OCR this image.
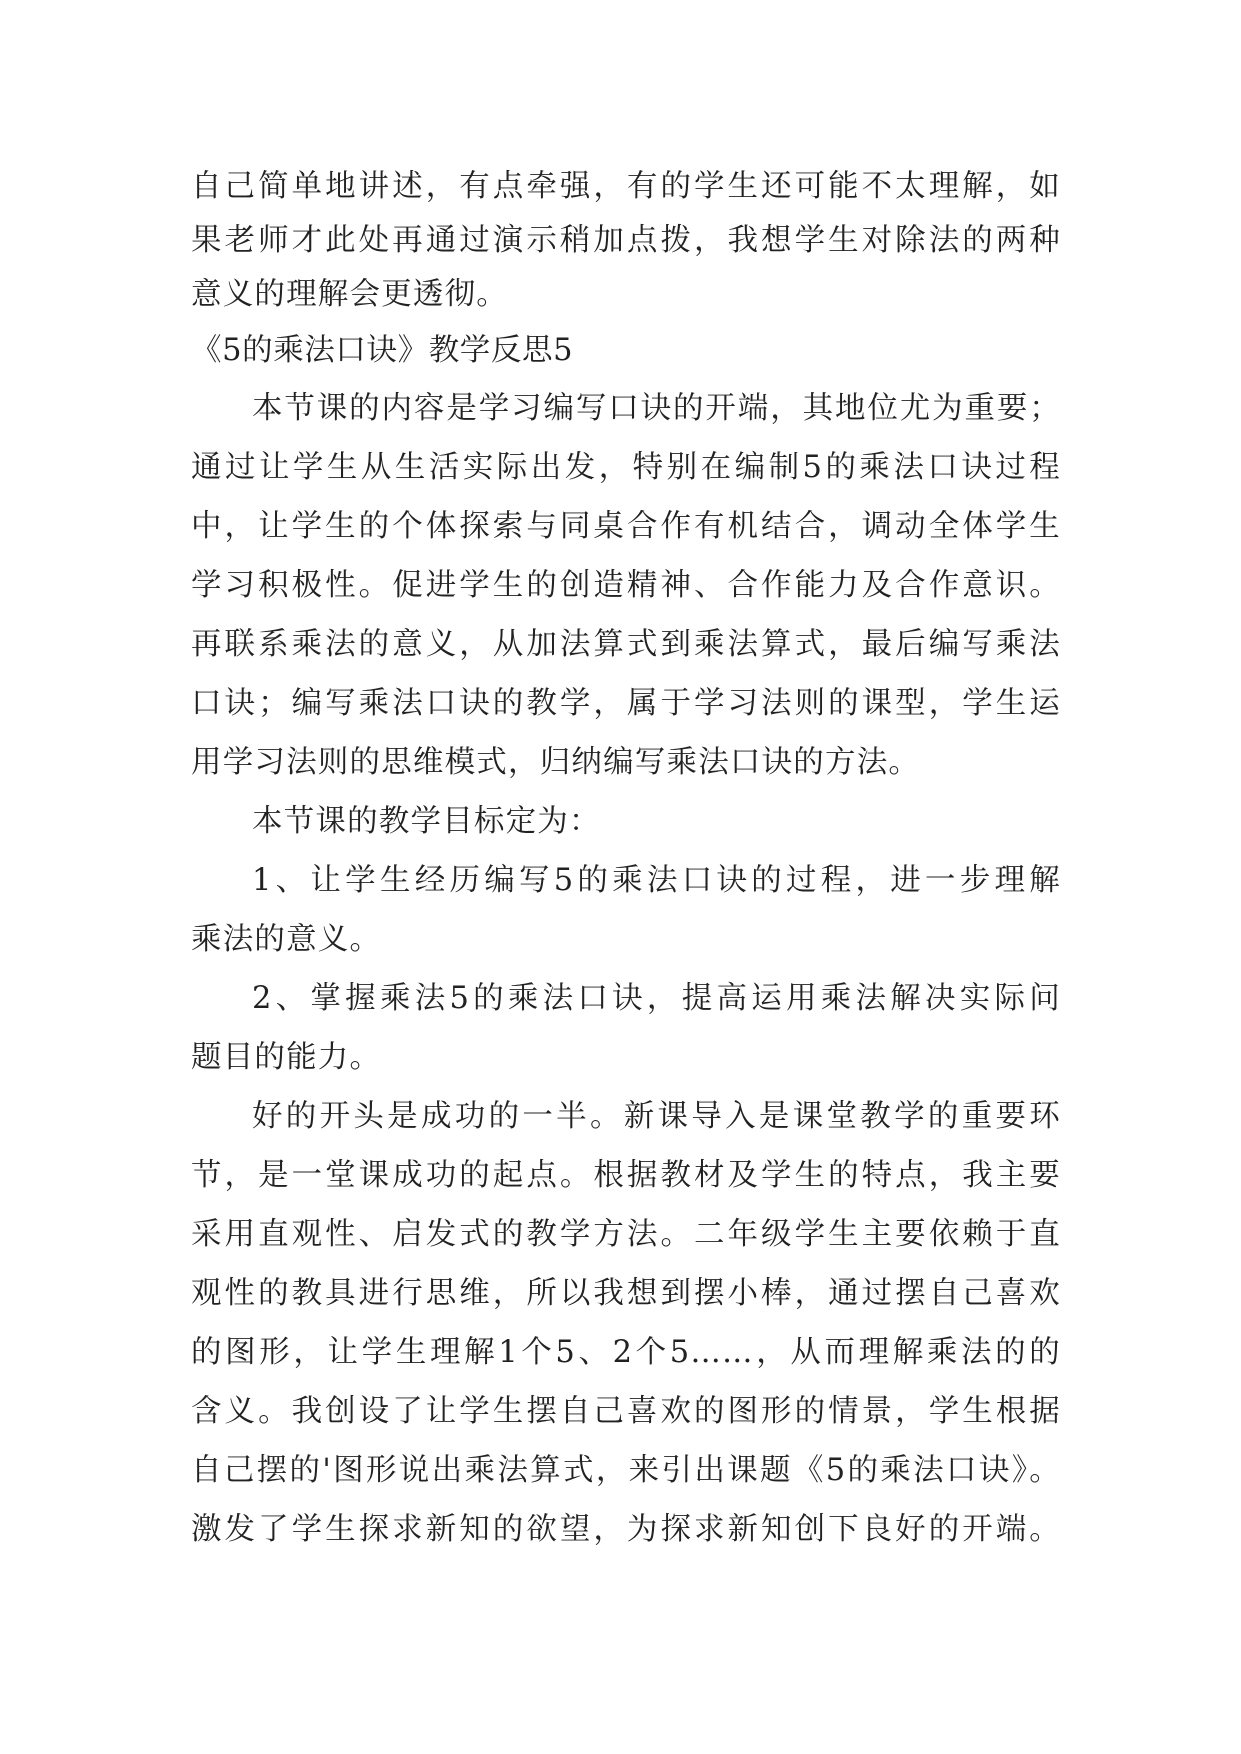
自己简单地讲述，有点牵强，有的学生还可能不太理解，如
果老师才此处再通过演示稍加点拨，我想学生对除法的两种
意义的理解会更透彻。
《5的乘法口诀》教学反思5
本节课的内容是学习编写口诀的开端，其地位尤为重要；
通过让学生从生活实际出发，特别在编制5的乘法口诀过程
中，让学生的个体探索与同桌合作有机结合，调动全体学生
学习积极性。促进学生的创造精神、合作能力及合作意识。
再联系乘法的意义，从加法算式到乘法算式，最后编写乘法
口诀；编写乘法口诀的教学，属于学习法则的课型，学生运
用学习法则的思维模式，归纳编写乘法口诀的方法。
本节课的教学目标定为：
1、让学生经历编写5的乘法口诀的过程，进一步理解
乘法的意义。
2、掌握乘法5的乘法口诀，提高运用乘法解决实际问
题目的能力。
好的开头是成功的一半。新课导入是课堂教学的重要环
节，是一堂课成功的起点。根据教材及学生的特点，我主要
采用直观性、启发式的教学方法。二年级学生主要依赖于直
观性的教具进行思维，所以我想到摆小棒，通过摆自己喜欢
的图形，让学生理解1个5、2个5……，从而理解乘法的的
含义。我创设了让学生摆自己喜欢的图形的情景，学生根据
自己摆的'图形说出乘法算式，来引出课题《5的乘法口诀》。
激发了学生探求新知的欲望，为探求新知创下良好的开端。
